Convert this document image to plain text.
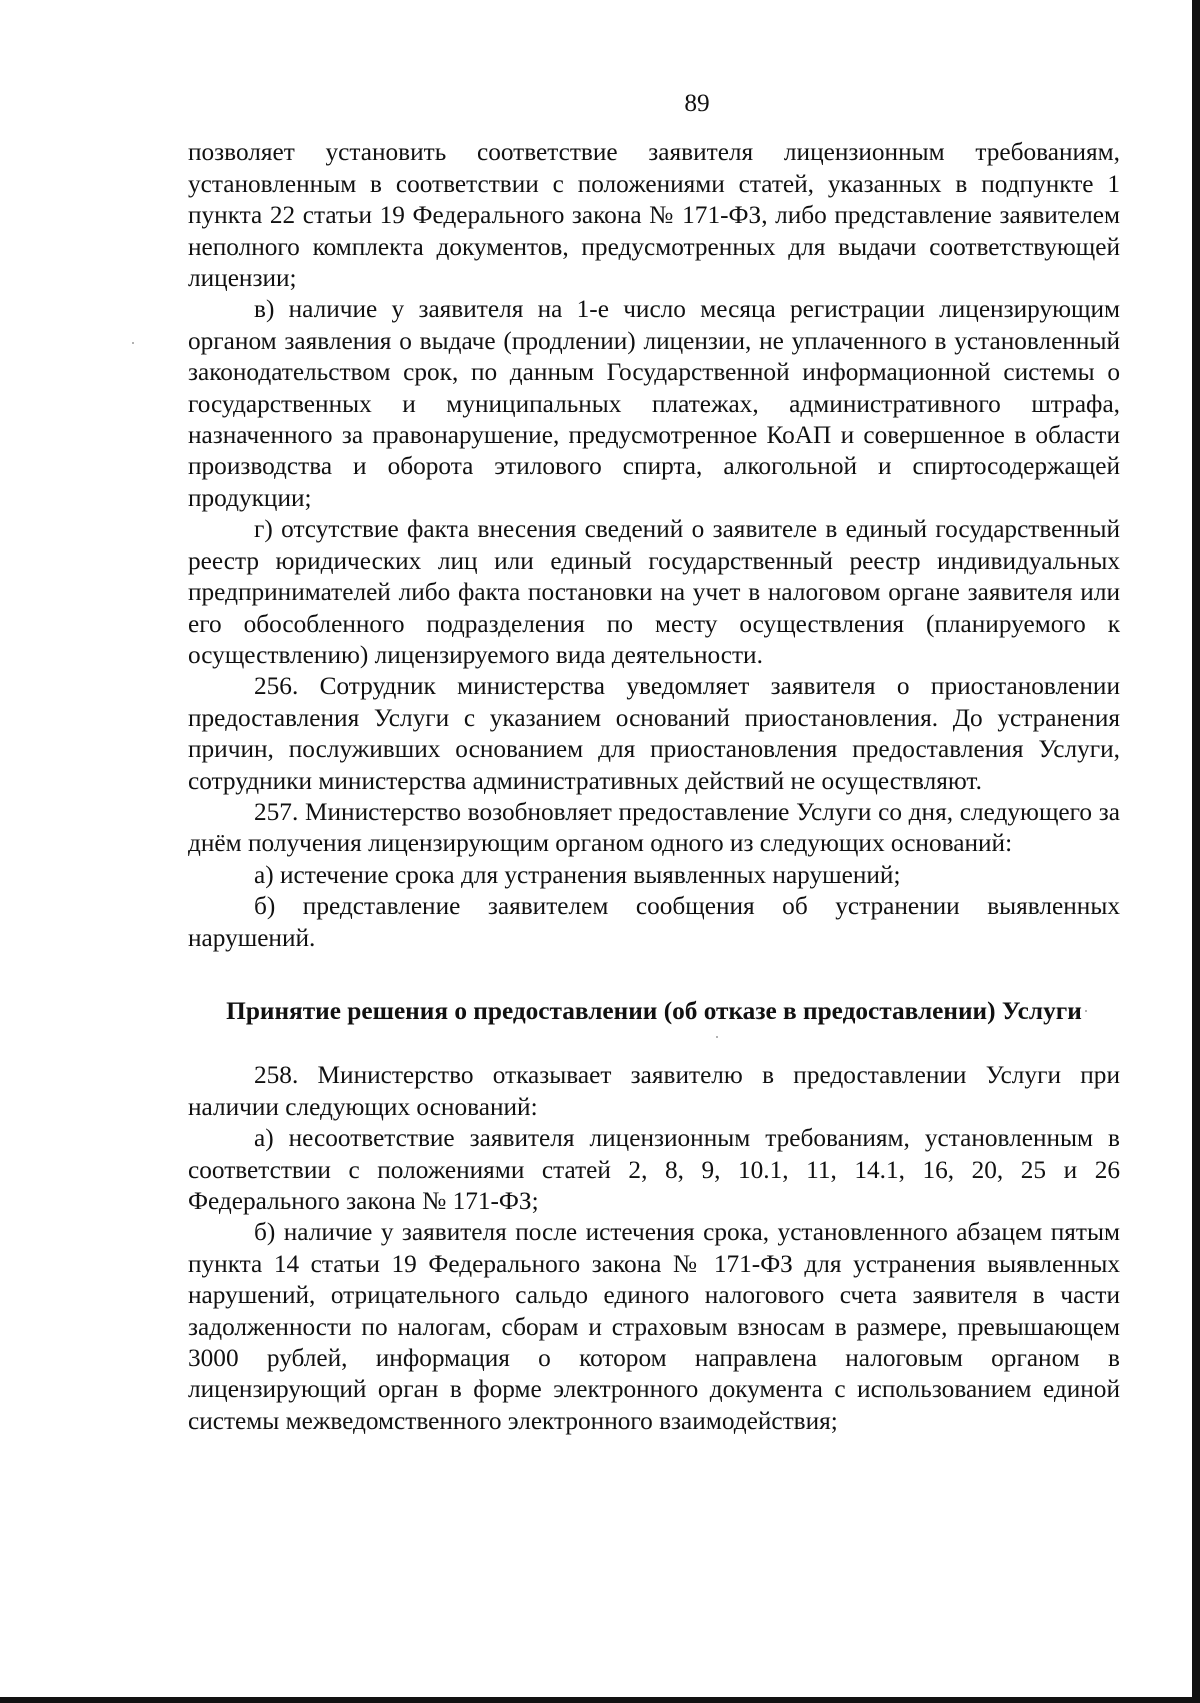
89

позволяет установить соответствие заявителя лицензионным требованиям, установленным в соответствии с положениями статей, указанных в подпункте 1 пункта 22 статьи 19 Федерального закона № 171-ФЗ, либо представление заявителем неполного комплекта документов, предусмотренных для выдачи соответствующей лицензии;

в) наличие у заявителя на 1-е число месяца регистрации лицензирующим органом заявления о выдаче (продлении) лицензии, не уплаченного в установленный законодательством срок, по данным Государственной информационной системы о государственных и муниципальных платежах, административного штрафа, назначенного за правонарушение, предусмотренное КоАП и совершенное в области производства и оборота этилового спирта, алкогольной и спиртосодержащей продукции;

г) отсутствие факта внесения сведений о заявителе в единый государственный реестр юридических лиц или единый государственный реестр индивидуальных предпринимателей либо факта постановки на учет в налоговом органе заявителя или его обособленного подразделения по месту осуществления (планируемого к осуществлению) лицензируемого вида деятельности.

256. Сотрудник министерства уведомляет заявителя о приостановлении предоставления Услуги с указанием оснований приостановления. До устранения причин, послуживших основанием для приостановления предоставления Услуги, сотрудники министерства административных действий не осуществляют.

257. Министерство возобновляет предоставление Услуги со дня, следующего за днём получения лицензирующим органом одного из следующих оснований:

а) истечение срока для устранения выявленных нарушений;

б) представление заявителем сообщения об устранении выявленных нарушений.

Принятие решения о предоставлении (об отказе в предоставлении) Услуги

258. Министерство отказывает заявителю в предоставлении Услуги при наличии следующих оснований:

а) несоответствие заявителя лицензионным требованиям, установленным в соответствии с положениями статей 2, 8, 9, 10.1, 11, 14.1, 16, 20, 25 и 26 Федерального закона № 171-ФЗ;

б) наличие у заявителя после истечения срока, установленного абзацем пятым пункта 14 статьи 19 Федерального закона № 171-ФЗ для устранения выявленных нарушений, отрицательного сальдо единого налогового счета заявителя в части задолженности по налогам, сборам и страховым взносам в размере, превышающем 3000 рублей, информация о котором направлена налоговым органом в лицензирующий орган в форме электронного документа с использованием единой системы межведомственного электронного взаимодействия;
